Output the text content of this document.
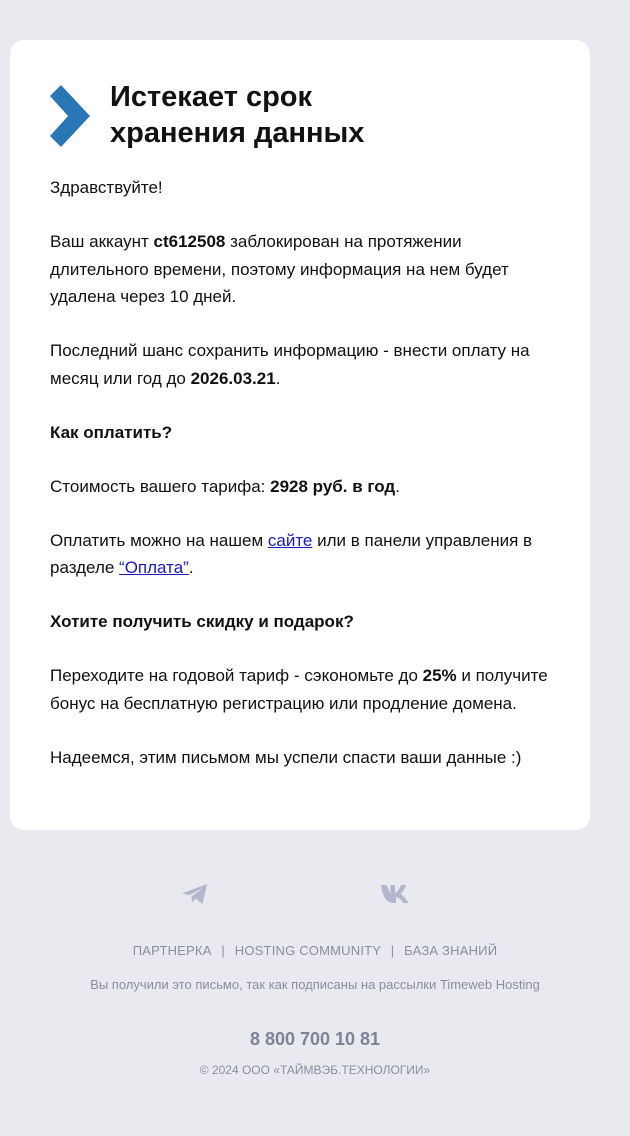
Истекает срок
хранения данных

Здравствуйте!

Ваш аккаунт ct612508 заблокирован на протяжении длительного времени, поэтому информация на нем будет удалена через 10 дней.

Последний шанс сохранить информацию - внести оплату на месяц или год до 2026.03.21.

Как оплатить?

Стоимость вашего тарифа: 2928 руб. в год.

Оплатить можно на нашем сайте или в панели управления в разделе “Оплата”.

Хотите получить скидку и подарок?

Переходите на годовой тариф - сэкономьте до 25% и получите бонус на бесплатную регистрацию или продление домена.

Надеемся, этим письмом мы успели спасти ваши данные :)

ПАРТНЕРКА | HOSTING COMMUNITY | БАЗА ЗНАНИЙ
Вы получили это письмо, так как подписаны на рассылки Timeweb Hosting
8 800 700 10 81
© 2024 ООО «ТАЙМВЭБ.ТЕХНОЛОГИИ»
